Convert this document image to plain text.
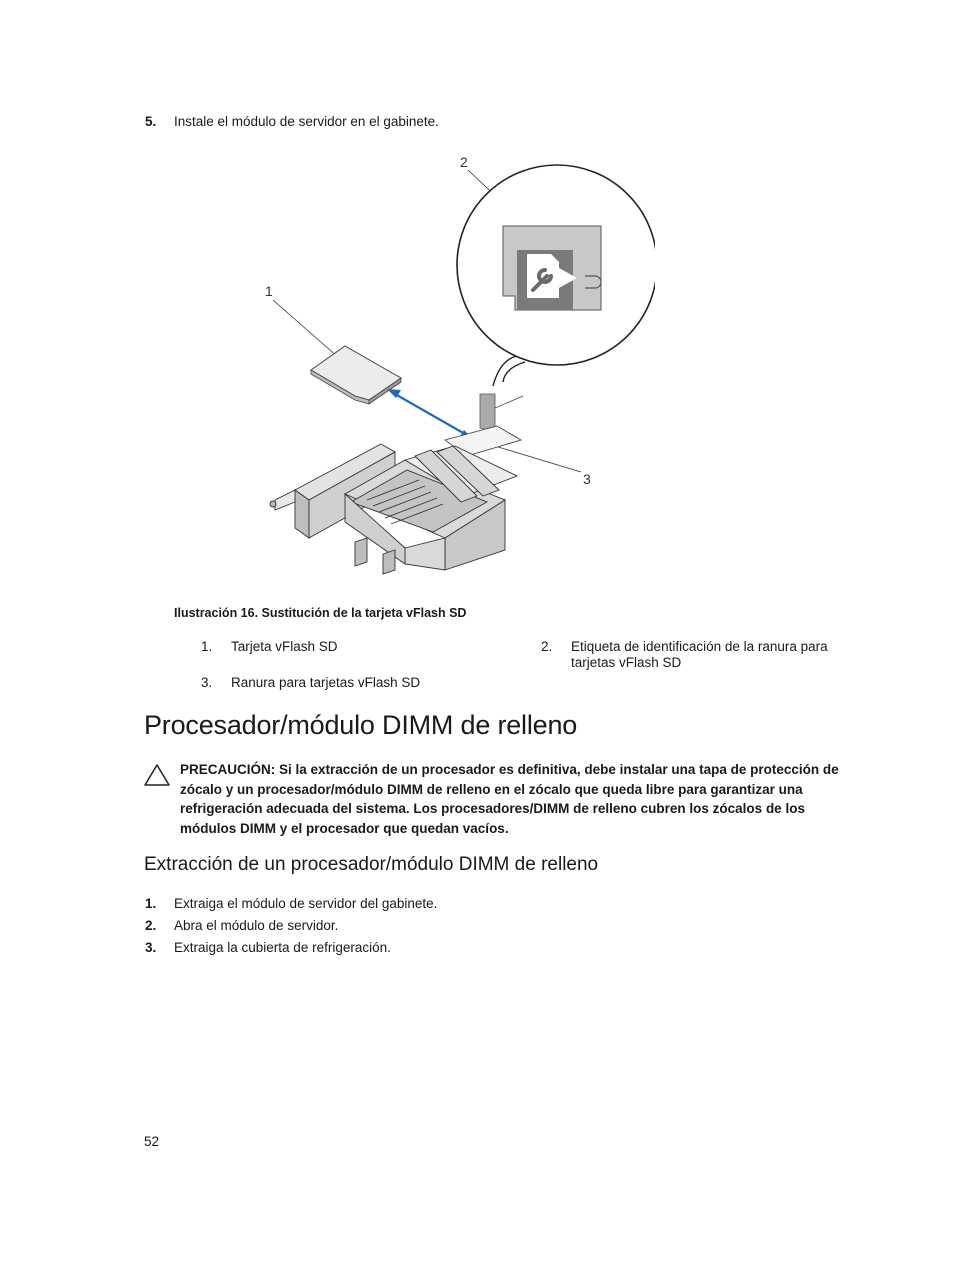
5. Instale el módulo de servidor en el gabinete.
1
2
3
Ilustración 16. Sustitución de la tarjeta vFlash SD
1. Tarjeta vFlash SD	2. Etiqueta de identificación de la ranura para tarjetas vFlash SD
3. Ranura para tarjetas vFlash SD
Procesador/módulo DIMM de relleno
PRECAUCIÓN: Si la extracción de un procesador es definitiva, debe instalar una tapa de protección de zócalo y un procesador/módulo DIMM de relleno en el zócalo que queda libre para garantizar una refrigeración adecuada del sistema. Los procesadores/DIMM de relleno cubren los zócalos de los módulos DIMM y el procesador que quedan vacíos.
Extracción de un procesador/módulo DIMM de relleno
1. Extraiga el módulo de servidor del gabinete.
2. Abra el módulo de servidor.
3. Extraiga la cubierta de refrigeración.
52
